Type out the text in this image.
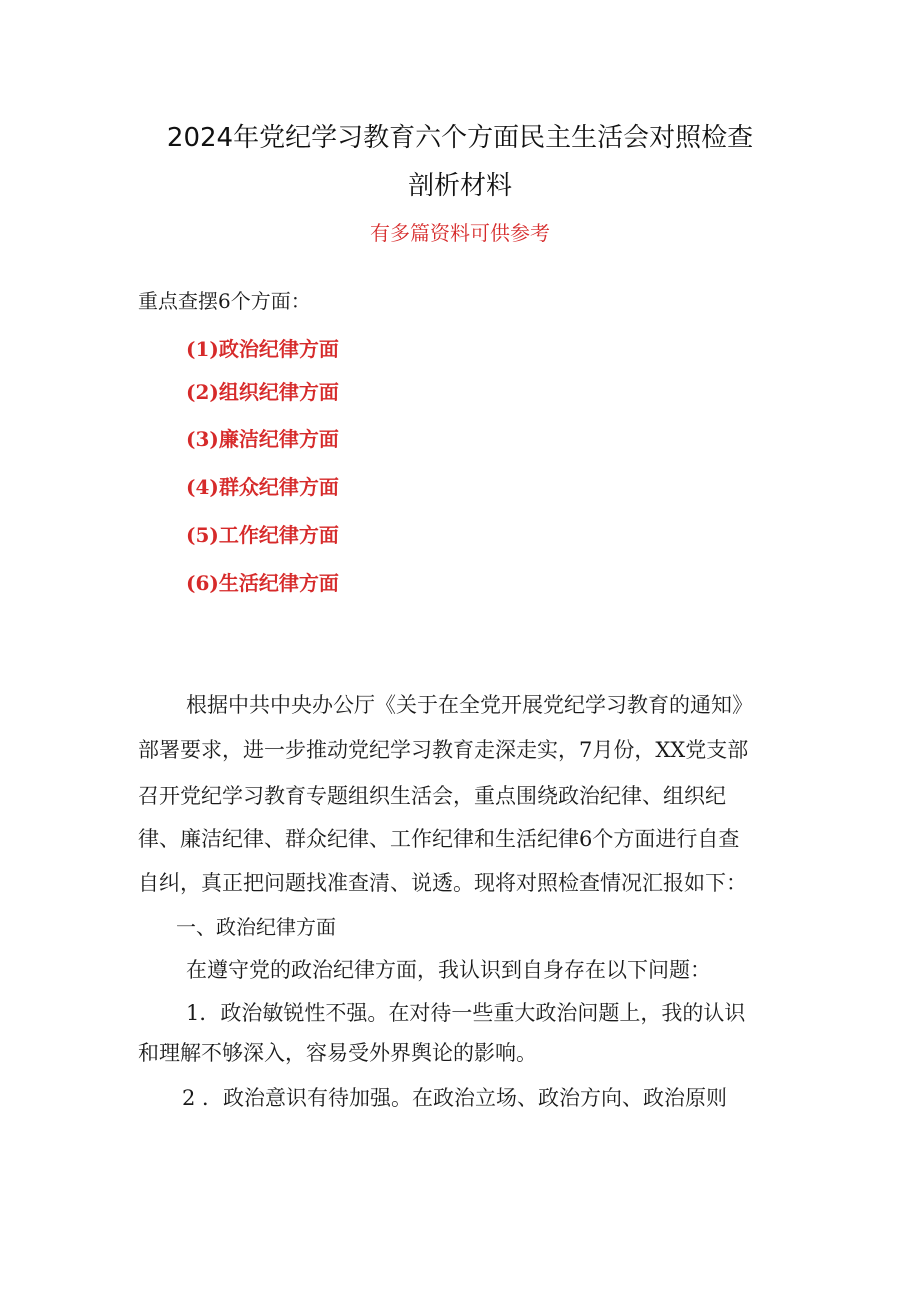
2024年党纪学习教育六个方面民主生活会对照检查
剖析材料
有多篇资料可供参考
重点查摆6个方面：
(1)政治纪律方面
(2)组织纪律方面
(3)廉洁纪律方面
(4)群众纪律方面
(5)工作纪律方面
(6)生活纪律方面
根据中共中央办公厅《关于在全党开展党纪学习教育的通知》
部署要求，进一步推动党纪学习教育走深走实，7月份，XX党支部
召开党纪学习教育专题组织生活会，重点围绕政治纪律、组织纪
律、廉洁纪律、群众纪律、工作纪律和生活纪律6个方面进行自查
自纠，真正把问题找准查清、说透。现将对照检查情况汇报如下：
一、政治纪律方面
在遵守党的政治纪律方面，我认识到自身存在以下问题：
1．政治敏锐性不强。在对待一些重大政治问题上，我的认识
和理解不够深入，容易受外界舆论的影响。
2 ．政治意识有待加强。在政治立场、政治方向、政治原则
